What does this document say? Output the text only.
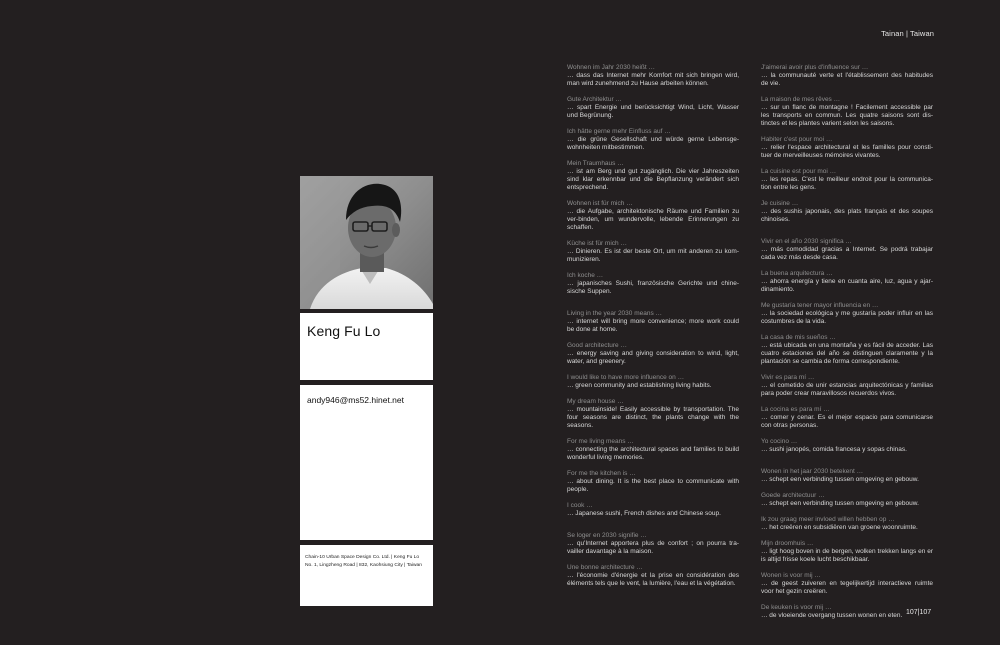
Tainan | Taiwan
Keng Fu Lo
andy946@ms52.hinet.net
Chain-10 Urban Space Design Co. Ltd. | Keng Fu Lo
No. 1, Lingzheng Road | 832, Kaohsiung City | Taiwan
Wohnen im Jahr 2030 heißt …
… dass das Internet mehr Komfort mit sich bringen wird, man wird zunehmend zu Hause arbeiten können.
Gute Architektur …
… spart Energie und berücksichtigt Wind, Licht, Wasser und Begrünung.
Ich hätte gerne mehr Einfluss auf …
… die grüne Gesellschaft und würde gerne Lebensge-wohnheiten mitbestimmen.
Mein Traumhaus …
… ist am Berg und gut zugänglich. Die vier Jahreszeiten sind klar erkennbar und die Bepflanzung verändert sich entsprechend.
Wohnen ist für mich …
… die Aufgabe, architektonische Räume und Familien zu ver-binden, um wundervolle, lebende Erinnerungen zu schaffen.
Küche ist für mich …
… Dinieren. Es ist der beste Ort, um mit anderen zu kom-munizieren.
Ich koche …
… japanisches Sushi, französische Gerichte und chine-sische Suppen.
Living in the year 2030 means …
… internet will bring more convenience; more work could be done at home.
Good architecture …
… energy saving and giving consideration to wind, light, water, and greenery.
I would like to have more influence on …
… green community and establishing living habits.
My dream house …
… mountainside! Easily accessible by transportation. The four seasons are distinct, the plants change with the seasons.
For me living means …
… connecting the architectural spaces and families to build wonderful living memories.
For me the kitchen is …
… about dining. It is the best place to communicate with people.
I cook …
… Japanese sushi, French dishes and Chinese soup.
Se loger en 2030 signifie …
… qu'Internet apportera plus de confort ; on pourra tra-vailler davantage à la maison.
Une bonne architecture …
… l'économie d'énergie et la prise en considération des éléments tels que le vent, la lumière, l'eau et la végétation.
J'aimerai avoir plus d'influence sur …
… la communauté verte et l'établissement des habitudes de vie.
La maison de mes rêves …
… sur un flanc de montagne ! Facilement accessible par les transports en commun. Les quatre saisons sont dis-tinctes et les plantes varient selon les saisons.
Habiter c'est pour moi …
… relier l'espace architectural et les familles pour consti-tuer de merveilleuses mémoires vivantes.
La cuisine est pour moi …
… les repas. C'est le meilleur endroit pour la communica-tion entre les gens.
Je cuisine …
… des sushis japonais, des plats français et des soupes chinoises.
Vivir en el año 2030 significa …
… más comodidad gracias a Internet. Se podrá trabajar cada vez más desde casa.
La buena arquitectura …
… ahorra energía y tiene en cuanta aire, luz, agua y ajar-dinamiento.
Me gustaría tener mayor influencia en …
… la sociedad ecológica y me gustaría poder influir en las costumbres de la vida.
La casa de mis sueños …
… está ubicada en una montaña y es fácil de acceder. Las cuatro estaciones del año se distinguen claramente y la plantación se cambia de forma correspondiente.
Vivir es para mí …
… el cometido de unir estancias arquitectónicas y familias para poder crear maravillosos recuerdos vivos.
La cocina es para mí …
… comer y cenar. Es el mejor espacio para comunicarse con otras personas.
Yo cocino …
… sushi janopés, comida francesa y sopas chinas.
Wonen in het jaar 2030 betekent …
… schept een verbinding tussen omgeving en gebouw.
Goede architectuur …
… schept een verbinding tussen omgeving en gebouw.
Ik zou graag meer invloed willen hebben op …
… het creëren en subsidiëren van groene woonruimte.
Mijn droomhuis …
… ligt hoog boven in de bergen, wolken trekken langs en er is altijd frisse koele lucht beschikbaar.
Wonen is voor mij …
… de geest zuiveren en tegelijkertijd interactieve ruimte voor het gezin creëren.
De keuken is voor mij …
… de vloeiende overgang tussen wonen en eten. 107|107
